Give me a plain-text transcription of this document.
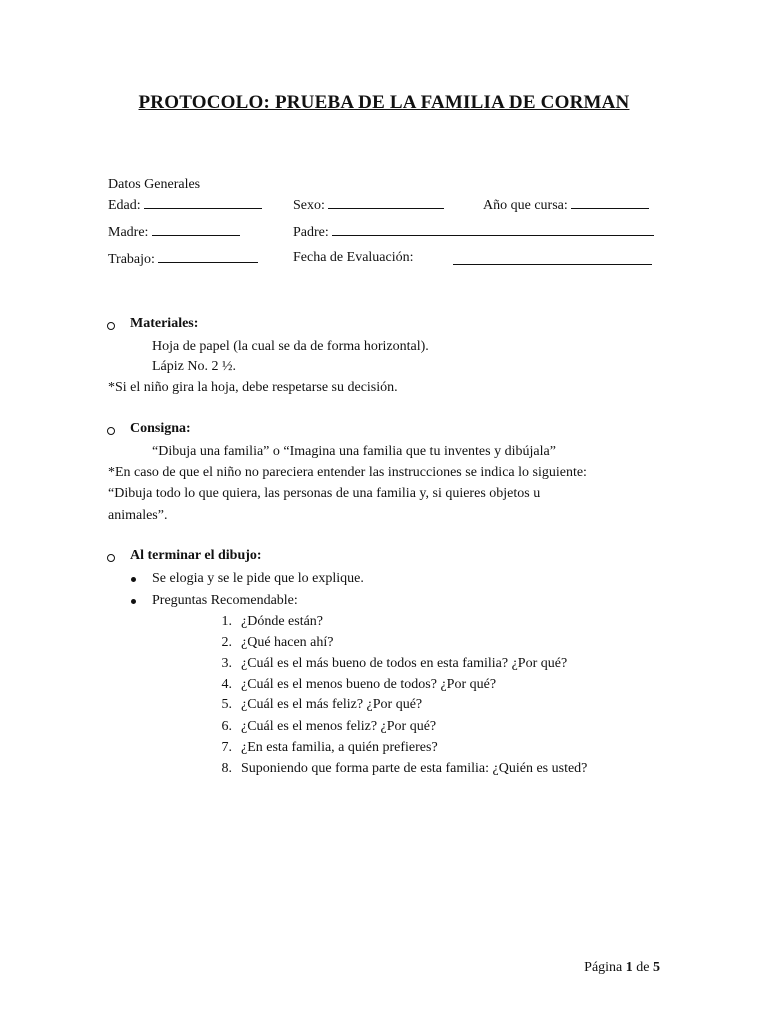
PROTOCOLO: PRUEBA DE LA FAMILIA DE CORMAN
Datos Generales
Edad:	Sexo:	Año que cursa:
Madre:	Padre:
Trabajo:	Fecha de Evaluación:
Materiales:
Hoja de papel (la cual se da de forma horizontal).
Lápiz No. 2 ½.
*Si el niño gira la hoja, debe respetarse su decisión.
Consigna:
“Dibuja una familia” o “Imagina una familia que tu inventes y dibújala”
*En caso de que el niño no pareciera entender las instrucciones se indica lo siguiente:
“Dibuja todo lo que quiera, las personas de una familia y, si quieres objetos u
animales”.
Al terminar el dibujo:
Se elogia y se le pide que lo explique.
Preguntas Recomendable:
1. ¿Dónde están?
2. ¿Qué hacen ahí?
3. ¿Cuál es el más bueno de todos en esta familia? ¿Por qué?
4. ¿Cuál es el menos bueno de todos? ¿Por qué?
5. ¿Cuál es el más feliz? ¿Por qué?
6. ¿Cuál es el menos feliz? ¿Por qué?
7. ¿En esta familia, a quién prefieres?
8. Suponiendo que forma parte de esta familia: ¿Quién es usted?
Página 1 de 5
